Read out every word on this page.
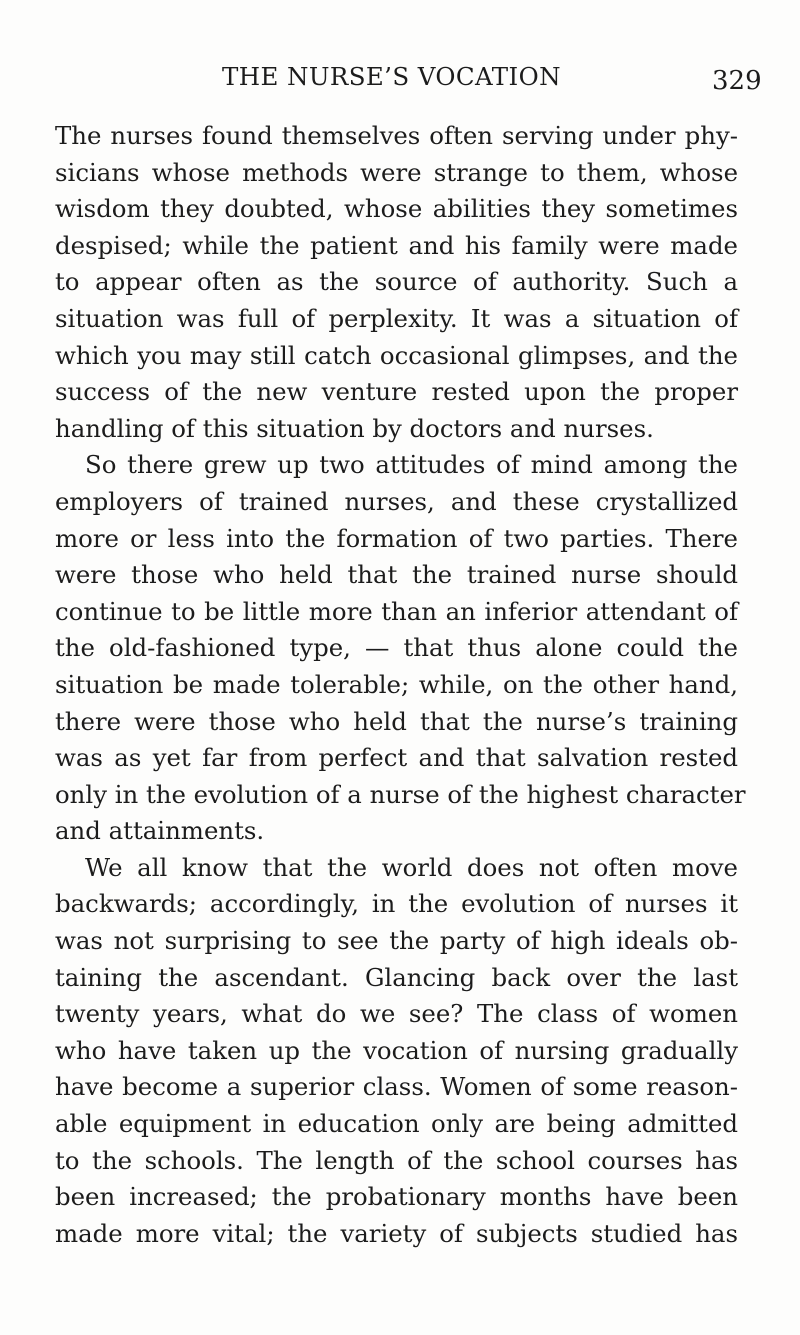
THE NURSE’S VOCATION	329
The nurses found themselves often serving under phy-
sicians whose methods were strange to them, whose
wisdom they doubted, whose abilities they sometimes
despised; while the patient and his family were made
to appear often as the source of authority. Such a
situation was full of perplexity. It was a situation of
which you may still catch occasional glimpses, and the
success of the new venture rested upon the proper
handling of this situation by doctors and nurses.
So there grew up two attitudes of mind among the
employers of trained nurses, and these crystallized
more or less into the formation of two parties. There
were those who held that the trained nurse should
continue to be little more than an inferior attendant of
the old-fashioned type, — that thus alone could the
situation be made tolerable; while, on the other hand,
there were those who held that the nurse’s training
was as yet far from perfect and that salvation rested
only in the evolution of a nurse of the highest character
and attainments.
We all know that the world does not often move
backwards; accordingly, in the evolution of nurses it
was not surprising to see the party of high ideals ob-
taining the ascendant. Glancing back over the last
twenty years, what do we see? The class of women
who have taken up the vocation of nursing gradually
have become a superior class. Women of some reason-
able equipment in education only are being admitted
to the schools. The length of the school courses has
been increased; the probationary months have been
made more vital; the variety of subjects studied has
